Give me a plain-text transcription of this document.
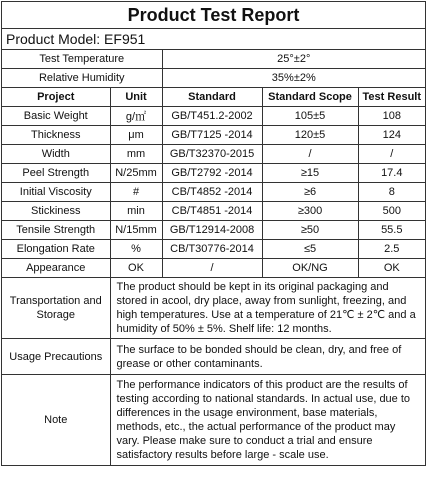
Product Test Report
Product Model: EF951
Test Temperature		25°±2°		
Relative Humidity		35%±2%		
Project	Unit	Standard	Standard Scope	Test Result
Basic Weight	g/㎡	GB/T451.2-2002	105±5	108
Thickness	μm	GB/T7125 -2014	120±5	124
Width	mm	GB/T32370-2015	/	/
Peel Strength	N/25mm	GB/T2792 -2014	≥15	17.4
Initial Viscosity	#	CB/T4852 -2014	≥6	8
Stickiness	min	CB/T4851 -2014	≥300	500
Tensile Strength	N/15mm	GB/T12914-2008	≥50	55.5
Elongation Rate	%	CB/T30776-2014	≤5	2.5
Appearance	OK	/	OK/NG	OK
Transportation and Storage	The product should be kept in its original packaging and stored in acool, dry place, away from sunlight, freezing, and high temperatures. Use at a temperature of 21℃ ± 2℃ and a humidity of 50% ± 5%. Shelf life: 12 months.			
Usage Precautions	The surface to be bonded should be clean, dry, and free of grease or other contaminants.			
Note	The performance indicators of this product are the results of testing according to national standards. In actual use, due to differences in the usage environment, base materials, methods, etc., the actual performance of the product may vary. Please make sure to conduct a trial and ensure satisfactory results before large - scale use.			
